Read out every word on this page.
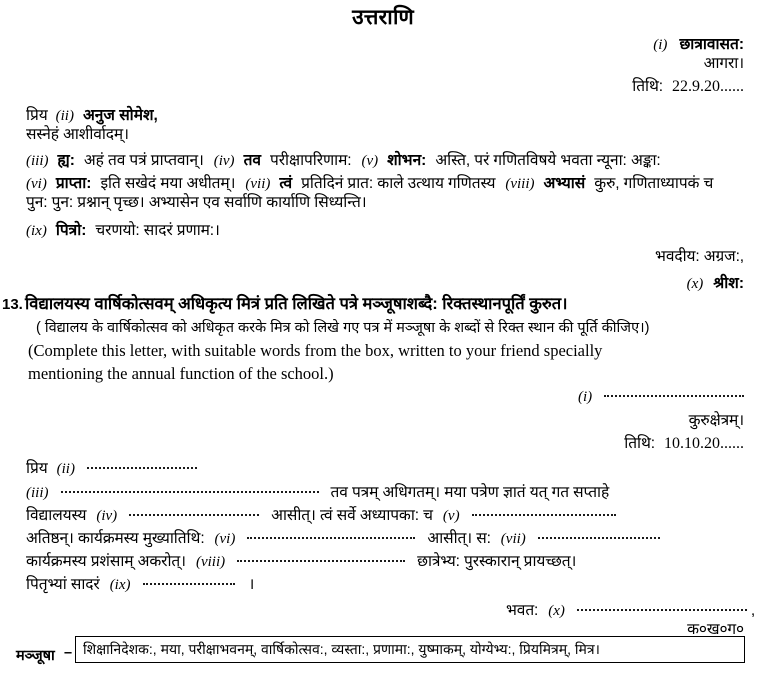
उत्तराणि
(i) छात्रावासत:
आगरा।
तिथि: 22.9.20......
प्रिय (ii) अनुज सोमेश,
सस्नेहं आशीर्वादम्।
(iii) ह्य: अहं तव पत्रं प्राप्तवान्। (iv) तव परीक्षापरिणाम: (v) शोभन: अस्ति, परं गणितविषये भवता न्यूना: अङ्का:
(vi) प्राप्ता: इति सखेदं मया अधीतम्। (vii) त्वं प्रतिदिनं प्रात: काले उत्थाय गणितस्य (viii) अभ्यासं कुरु, गणिताध्यापकं च
पुन: पुन: प्रश्नान् पृच्छ। अभ्यासेन एव सर्वाणि कार्याणि सिध्यन्ति।
(ix) पित्रो: चरणयो: सादरं प्रणाम:।
भवदीय: अग्रज:,
(x) श्रीश:
13. विद्यालयस्य वार्षिकोत्सवम् अधिकृत्य मित्रं प्रति लिखिते पत्रे मञ्जूषाशब्दै: रिक्तस्थानपूर्तिं कुरुत।
( विद्यालय के वार्षिकोत्सव को अधिकृत करके मित्र को लिखे गए पत्र में मञ्जूषा के शब्दों से रिक्त स्थान की पूर्ति कीजिए।)
(Complete this letter, with suitable words from the box, written to your friend specially
mentioning the annual function of the school.)
(i)
कुरुक्षेत्रम्।
तिथि: 10.10.20......
प्रिय (ii)
(iii)	तव पत्रम् अधिगतम्। मया पत्रेण ज्ञातं यत् गत सप्ताहे
विद्यालयस्य (iv)	आसीत्। त्वं सर्वे अध्यापका: च (v)
अतिष्ठन्। कार्यक्रमस्य मुख्यातिथि: (vi)	आसीत्। स: (vii)
कार्यक्रमस्य प्रशंसाम् अकरोत्। (viii)	छात्रेभ्य: पुरस्कारान् प्रायच्छत्।
पितृभ्यां सादरं (ix)	।
भवत: (x)	,
क०ख०ग०
मञ्जूषा – शिक्षानिदेशक:, मया, परीक्षाभवनम्, वार्षिकोत्सव:, व्यस्ता:, प्रणामा:, युष्माकम्, योग्येभ्य:, प्रियमित्रम्, मित्र।
